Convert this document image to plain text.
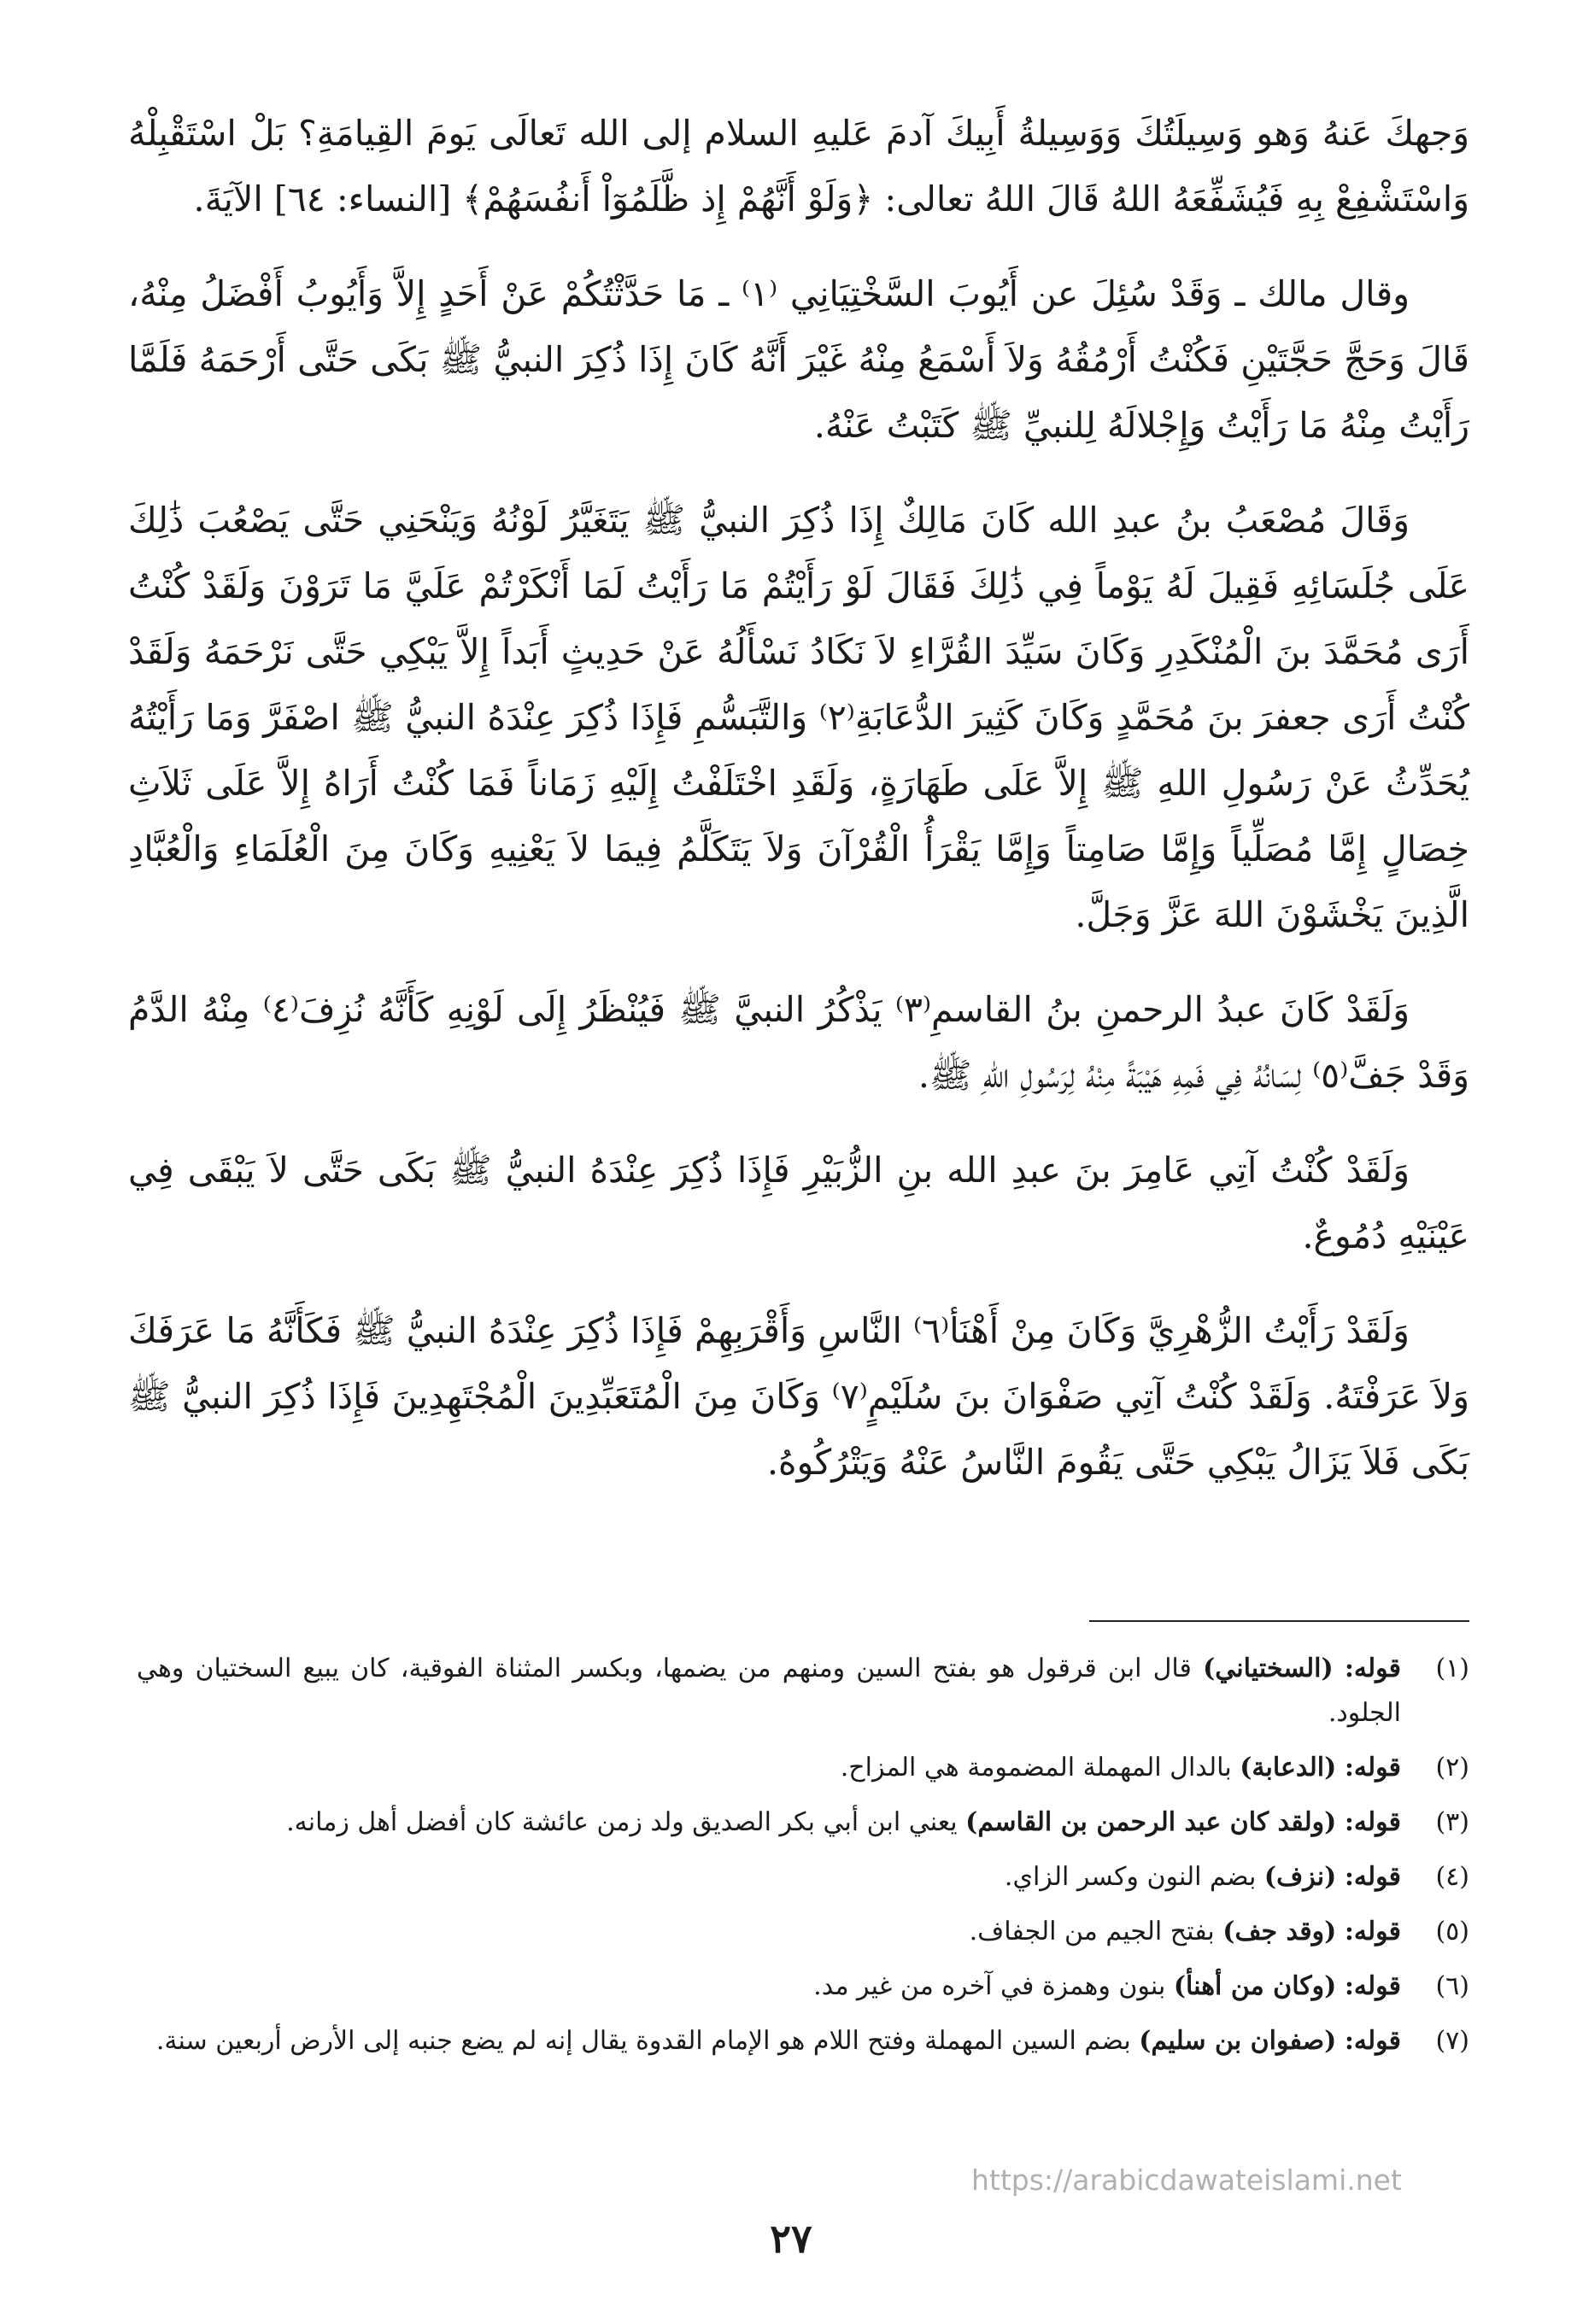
وَجهكَ عَنهُ وَهو وَسِيلَتُكَ وَوَسِيلةُ أَبِيكَ آدمَ عَليهِ السلام إلى الله تَعالَى يَومَ القِيامَةِ؟ بَلْ اسْتَقْبِلْهُ وَاسْتَشْفِعْ بِهِ فَيُشَفِّعَهُ اللهُ قَالَ اللهُ تعالى: ﴿وَلَوْ أَنَّهُمْ إِذ ظَّلَمُوٓاْ أَنفُسَهُمْ﴾ [النساء: ٦٤] الآيَةَ.

وقال مالك ـ وَقَدْ سُئِلَ عن أَيُوبَ السَّخْتِيَانِي ⁽١⁾ ـ مَا حَدَّثْتُكُمْ عَنْ أَحَدٍ إِلاَّ وَأَيُوبُ أَفْضَلُ مِنْهُ، قَالَ وَحَجَّ حَجَّتَيْنِ فَكُنْتُ أَرْمُقُهُ وَلاَ أَسْمَعُ مِنْهُ غَيْرَ أَنَّهُ كَانَ إِذَا ذُكِرَ النبيُّ ﷺ بَكَى حَتَّى أَرْحَمَهُ فَلَمَّا رَأَيْتُ مِنْهُ مَا رَأَيْتُ وَإِجْلالَهُ لِلنبيِّ ﷺ كَتَبْتُ عَنْهُ.

وَقَالَ مُصْعَبُ بنُ عبدِ الله كَانَ مَالِكٌ إِذَا ذُكِرَ النبيُّ ﷺ يَتَغَيَّرُ لَوْنُهُ وَيَنْحَنِي حَتَّى يَصْعُبَ ذَٰلِكَ عَلَى جُلَسَائِهِ فَقِيلَ لَهُ يَوْماً فِي ذَٰلِكَ فَقَالَ لَوْ رَأَيْتُمْ مَا رَأَيْتُ لَمَا أَنْكَرْتُمْ عَلَيَّ مَا تَرَوْنَ وَلَقَدْ كُنْتُ أَرَى مُحَمَّدَ بنَ الْمُنْكَدِرِ وَكَانَ سَيِّدَ القُرَّاءِ لاَ نَكَادُ نَسْأَلُهُ عَنْ حَدِيثٍ أَبَداً إِلاَّ يَبْكِي حَتَّى نَرْحَمَهُ وَلَقَدْ كُنْتُ أَرَى جعفرَ بنَ مُحَمَّدٍ وَكَانَ كَثِيرَ الدُّعَابَةِ⁽٢⁾ وَالتَّبَسُّمِ فَإِذَا ذُكِرَ عِنْدَهُ النبيُّ ﷺ اصْفَرَّ وَمَا رَأَيْتُهُ يُحَدِّثُ عَنْ رَسُولِ اللهِ ﷺ إِلاَّ عَلَى طَهَارَةٍ، وَلَقَدِ اخْتَلَفْتُ إِلَيْهِ زَمَاناً فَمَا كُنْتُ أَرَاهُ إِلاَّ عَلَى ثَلاَثِ خِصَالٍ إِمَّا مُصَلِّياً وَإِمَّا صَامِتاً وَإِمَّا يَقْرَأُ الْقُرْآنَ وَلاَ يَتَكَلَّمُ فِيمَا لاَ يَعْنِيهِ وَكَانَ مِنَ الْعُلَمَاءِ وَالْعُبَّادِ الَّذِينَ يَخْشَوْنَ اللهَ عَزَّ وَجَلَّ.

وَلَقَدْ كَانَ عبدُ الرحمنِ بنُ القاسمِ⁽٣⁾ يَذْكُرُ النبيَّ ﷺ فَيُنْظَرُ إِلَى لَوْنِهِ كَأَنَّهُ نُزِفَ⁽٤⁾ مِنْهُ الدَّمُ وَقَدْ جَفَّ⁽٥⁾ لِسَانُهُ فِي فَمِهِ هَيْبَةً مِنْهُ لِرَسُولِ اللهِ ﷺ.

وَلَقَدْ كُنْتُ آتِي عَامِرَ بنَ عبدِ الله بنِ الزُّبَيْرِ فَإِذَا ذُكِرَ عِنْدَهُ النبيُّ ﷺ بَكَى حَتَّى لاَ يَبْقَى فِي عَيْنَيْهِ دُمُوعٌ.

وَلَقَدْ رَأَيْتُ الزُّهْرِيَّ وَكَانَ مِنْ أَهْنَأ⁽٦⁾ النَّاسِ وَأَقْرَبِهِمْ فَإِذَا ذُكِرَ عِنْدَهُ النبيُّ ﷺ فَكَأَنَّهُ مَا عَرَفَكَ وَلاَ عَرَفْتَهُ. وَلَقَدْ كُنْتُ آتِي صَفْوَانَ بنَ سُلَيْمٍ⁽٧⁾ وَكَانَ مِنَ الْمُتَعَبِّدِينَ الْمُجْتَهِدِينَ فَإِذَا ذُكِرَ النبيُّ ﷺ بَكَى فَلاَ يَزَالُ يَبْكِي حَتَّى يَقُومَ النَّاسُ عَنْهُ وَيَتْرُكُوهُ.

(١)
قوله: (السختياني) قال ابن قرقول هو بفتح السين ومنهم من يضمها، وبكسر المثناة الفوقية، كان يبيع السختيان وهي الجلود.
(٢)
قوله: (الدعابة) بالدال المهملة المضمومة هي المزاح.
(٣)
قوله: (ولقد كان عبد الرحمن بن القاسم) يعني ابن أبي بكر الصديق ولد زمن عائشة كان أفضل أهل زمانه.
(٤)
قوله: (نزف) بضم النون وكسر الزاي.
(٥)
قوله: (وقد جف) بفتح الجيم من الجفاف.
(٦)
قوله: (وكان من أهنأ) بنون وهمزة في آخره من غير مد.
(٧)
قوله: (صفوان بن سليم) بضم السين المهملة وفتح اللام هو الإمام القدوة يقال إنه لم يضع جنبه إلى الأرض أربعين سنة.
https://arabicdawateislami.net
٢٧
